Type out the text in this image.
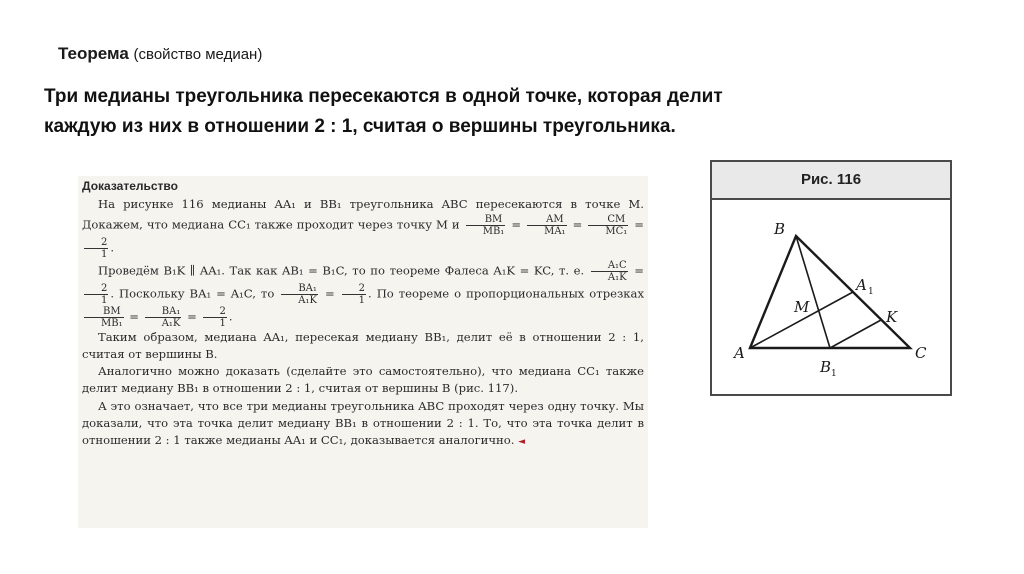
Теорема (свойство медиан)
Три медианы треугольника пересекаются в одной точке, которая делит
каждую из них в отношении 2 : 1, считая о вершины треугольника.
Доказательство

На рисунке 116 медианы AA₁ и BB₁ треугольника ABC пересекаются в точке M. Докажем, что медиана CC₁ также проходит через точку M и $\frac{BM}{\text{MB₁}} = \frac{AM}{\text{MA₁}} = \frac{CM}{\text{MC₁}}$ =
$\frac{2}{1}$ .

Проведём B₁K ∥ AA₁. Так как AB₁ = B₁C, то по теореме Фалеса A₁K = KC, т. е. $\frac{\text{A₁C}}{\text{A₁K}}$ =
$\frac{2}{1}$ . Поскольку BA₁ = A₁C, то $\frac{\text{BA₁}}{\text{A₁K}} = \frac{2}{1}$ . По теореме о пропорциональных отрезках
$\frac{BM}{\text{MB₁}} = \frac{\text{BA₁}}{\text{A₁K}} = \frac{2}{1}$ .

Таким образом, медиана AA₁, пересекая медиану BB₁, делит её в отношении 2 : 1, считая от вершины B.

Аналогично можно доказать (сделайте это самостоятельно), что медиана CC₁ также делит медиану BB₁ в отношении 2 : 1, считая от вершины B (рис. 117).

А это означает, что все три медианы треугольника ABC проходят через одну точку. Мы доказали, что эта точка делит медиану BB₁ в отношении 2 : 1. То, что эта точка делит в отношении 2 : 1 также медианы AA₁ и CC₁, доказывается аналогично. ◄

Рис. 116
B
A	C
M
K
A 1
B 1
